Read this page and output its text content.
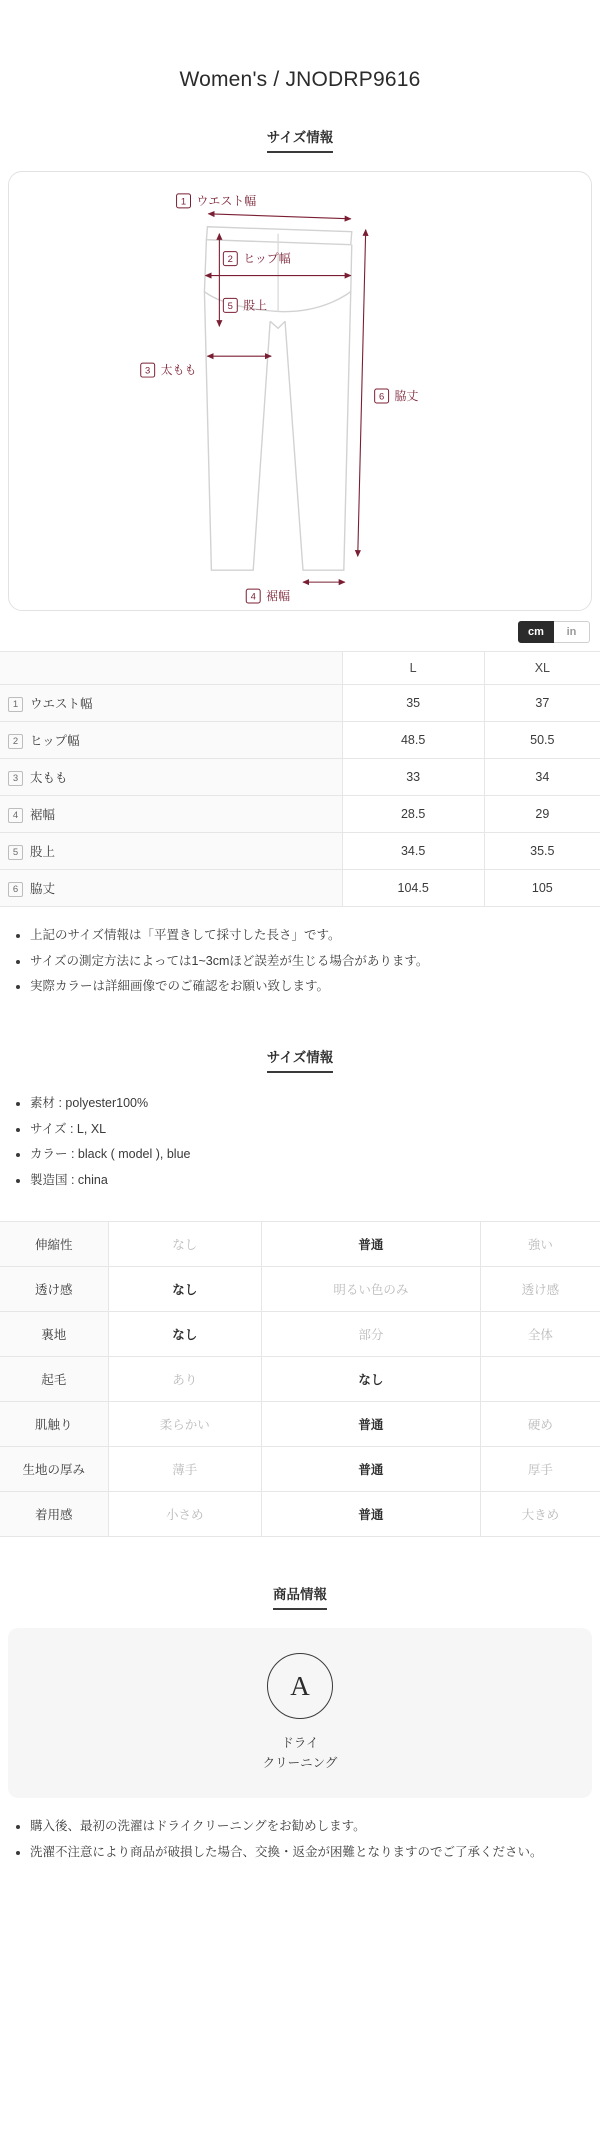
Women's / JNODRP9616
サイズ情報
1 ウエスト幅
2 ヒップ幅
5 股上
3 太もも
6 脇丈
4 裾幅
cm	in
	L	XL
1 ウエスト幅	35	37
2 ヒップ幅	48.5	50.5
3 太もも	33	34
4 裾幅	28.5	29
5 股上	34.5	35.5
6 脇丈	104.5	105
• 上記のサイズ情報は「平置きして採寸した長さ」です。
• サイズの測定方法によっては1~3cmほど誤差が生じる場合があります。
• 実際カラーは詳細画像でのご確認をお願い致します。
サイズ情報
• 素材 : polyester100%
• サイズ : L, XL
• カラー : black ( model ), blue
• 製造国 : china
伸縮性	なし	普通	強い
透け感	なし	明るい色のみ	透け感
裏地	なし	部分	全体
起毛	あり	なし	
肌触り	柔らかい	普通	硬め
生地の厚み	薄手	普通	厚手
着用感	小さめ	普通	大きめ
商品情報
A
ドライ
クリーニング
• 購入後、最初の洗濯はドライクリーニングをお勧めします。
• 洗濯不注意により商品が破損した場合、交換・返金が困難となりますのでご了承ください。
